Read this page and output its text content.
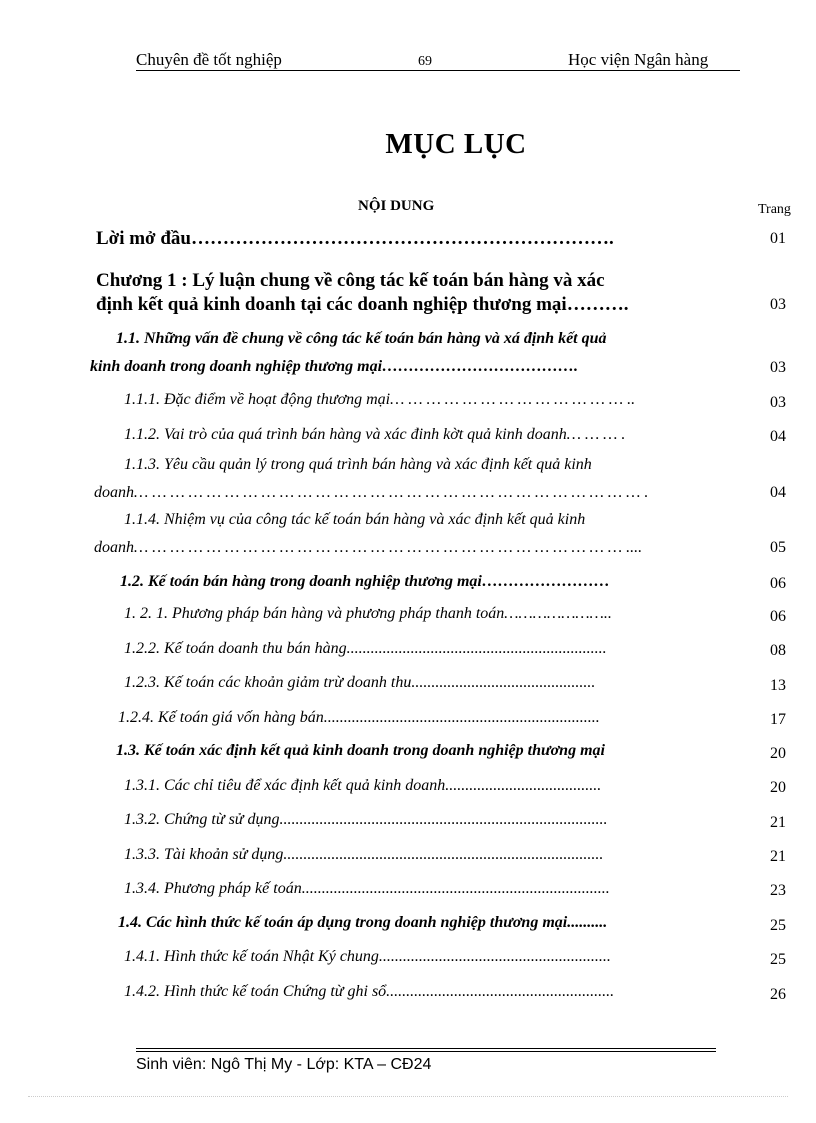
Chuyên đề tốt nghiệp	69	Học viện Ngân hàng
MỤC LỤC
NỘI DUNG	Trang
Lời mở đầu………………………………………………………….	01
Chương 1 : Lý luận chung về công tác kế toán bán hàng và xác
định kết quả kinh doanh tại các doanh nghiệp thương mại……….	03
1.1. Những vấn đề chung về công tác kế toán bán hàng và xá định kết quả
kinh doanh trong doanh nghiệp thương mại……………………………….	03
1.1.1. Đặc điểm về hoạt động thương mại… … … … … … … … … … … … … ..	03
1.1.2. Vai trò của quá trình bán hàng và xác đinh kờt quả kinh doanh… … … .	04
1.1.3. Yêu cầu quản lý trong quá trình bán hàng và xác định kết quả kinh
doanh… … … … … … … … … … … … … … … … … … … … … … … … … … … … .	04
1.1.4. Nhiệm vụ của công tác kế toán bán hàng và xác định kết quả kinh
doanh… … … … … … … … … … … … … … … … … … … … … … … … … … … ....	05
1.2. Kế toán bán hàng trong doanh nghiệp thương mại……………………	06
1. 2. 1. Phương pháp bán hàng và phương pháp thanh toán…………………..	06
1.2.2. Kế toán doanh thu bán hàng.................................................................	08
1.2.3. Kế toán các khoản giảm trừ doanh thu..............................................	13
1.2.4. Kế toán giá vốn hàng bán.....................................................................	17
1.3. Kế toán xác định kết quả kinh doanh trong doanh nghiệp thương mại	20
1.3.1. Các chỉ tiêu để xác định kết quả kinh doanh.......................................	20
1.3.2. Chứng từ sử dụng..................................................................................	21
1.3.3. Tài khoản sử dụng................................................................................	21
1.3.4. Phương pháp kế toán.............................................................................	23
1.4. Các hình thức kế toán áp dụng trong doanh nghiệp thương mại..........	25
1.4.1. Hình thức kế toán Nhật Ký chung..........................................................	25
1.4.2. Hình thức kế toán Chứng từ ghi sổ.........................................................	26
Sinh viên: Ngô Thị My - Lớp: KTA – CĐ24
